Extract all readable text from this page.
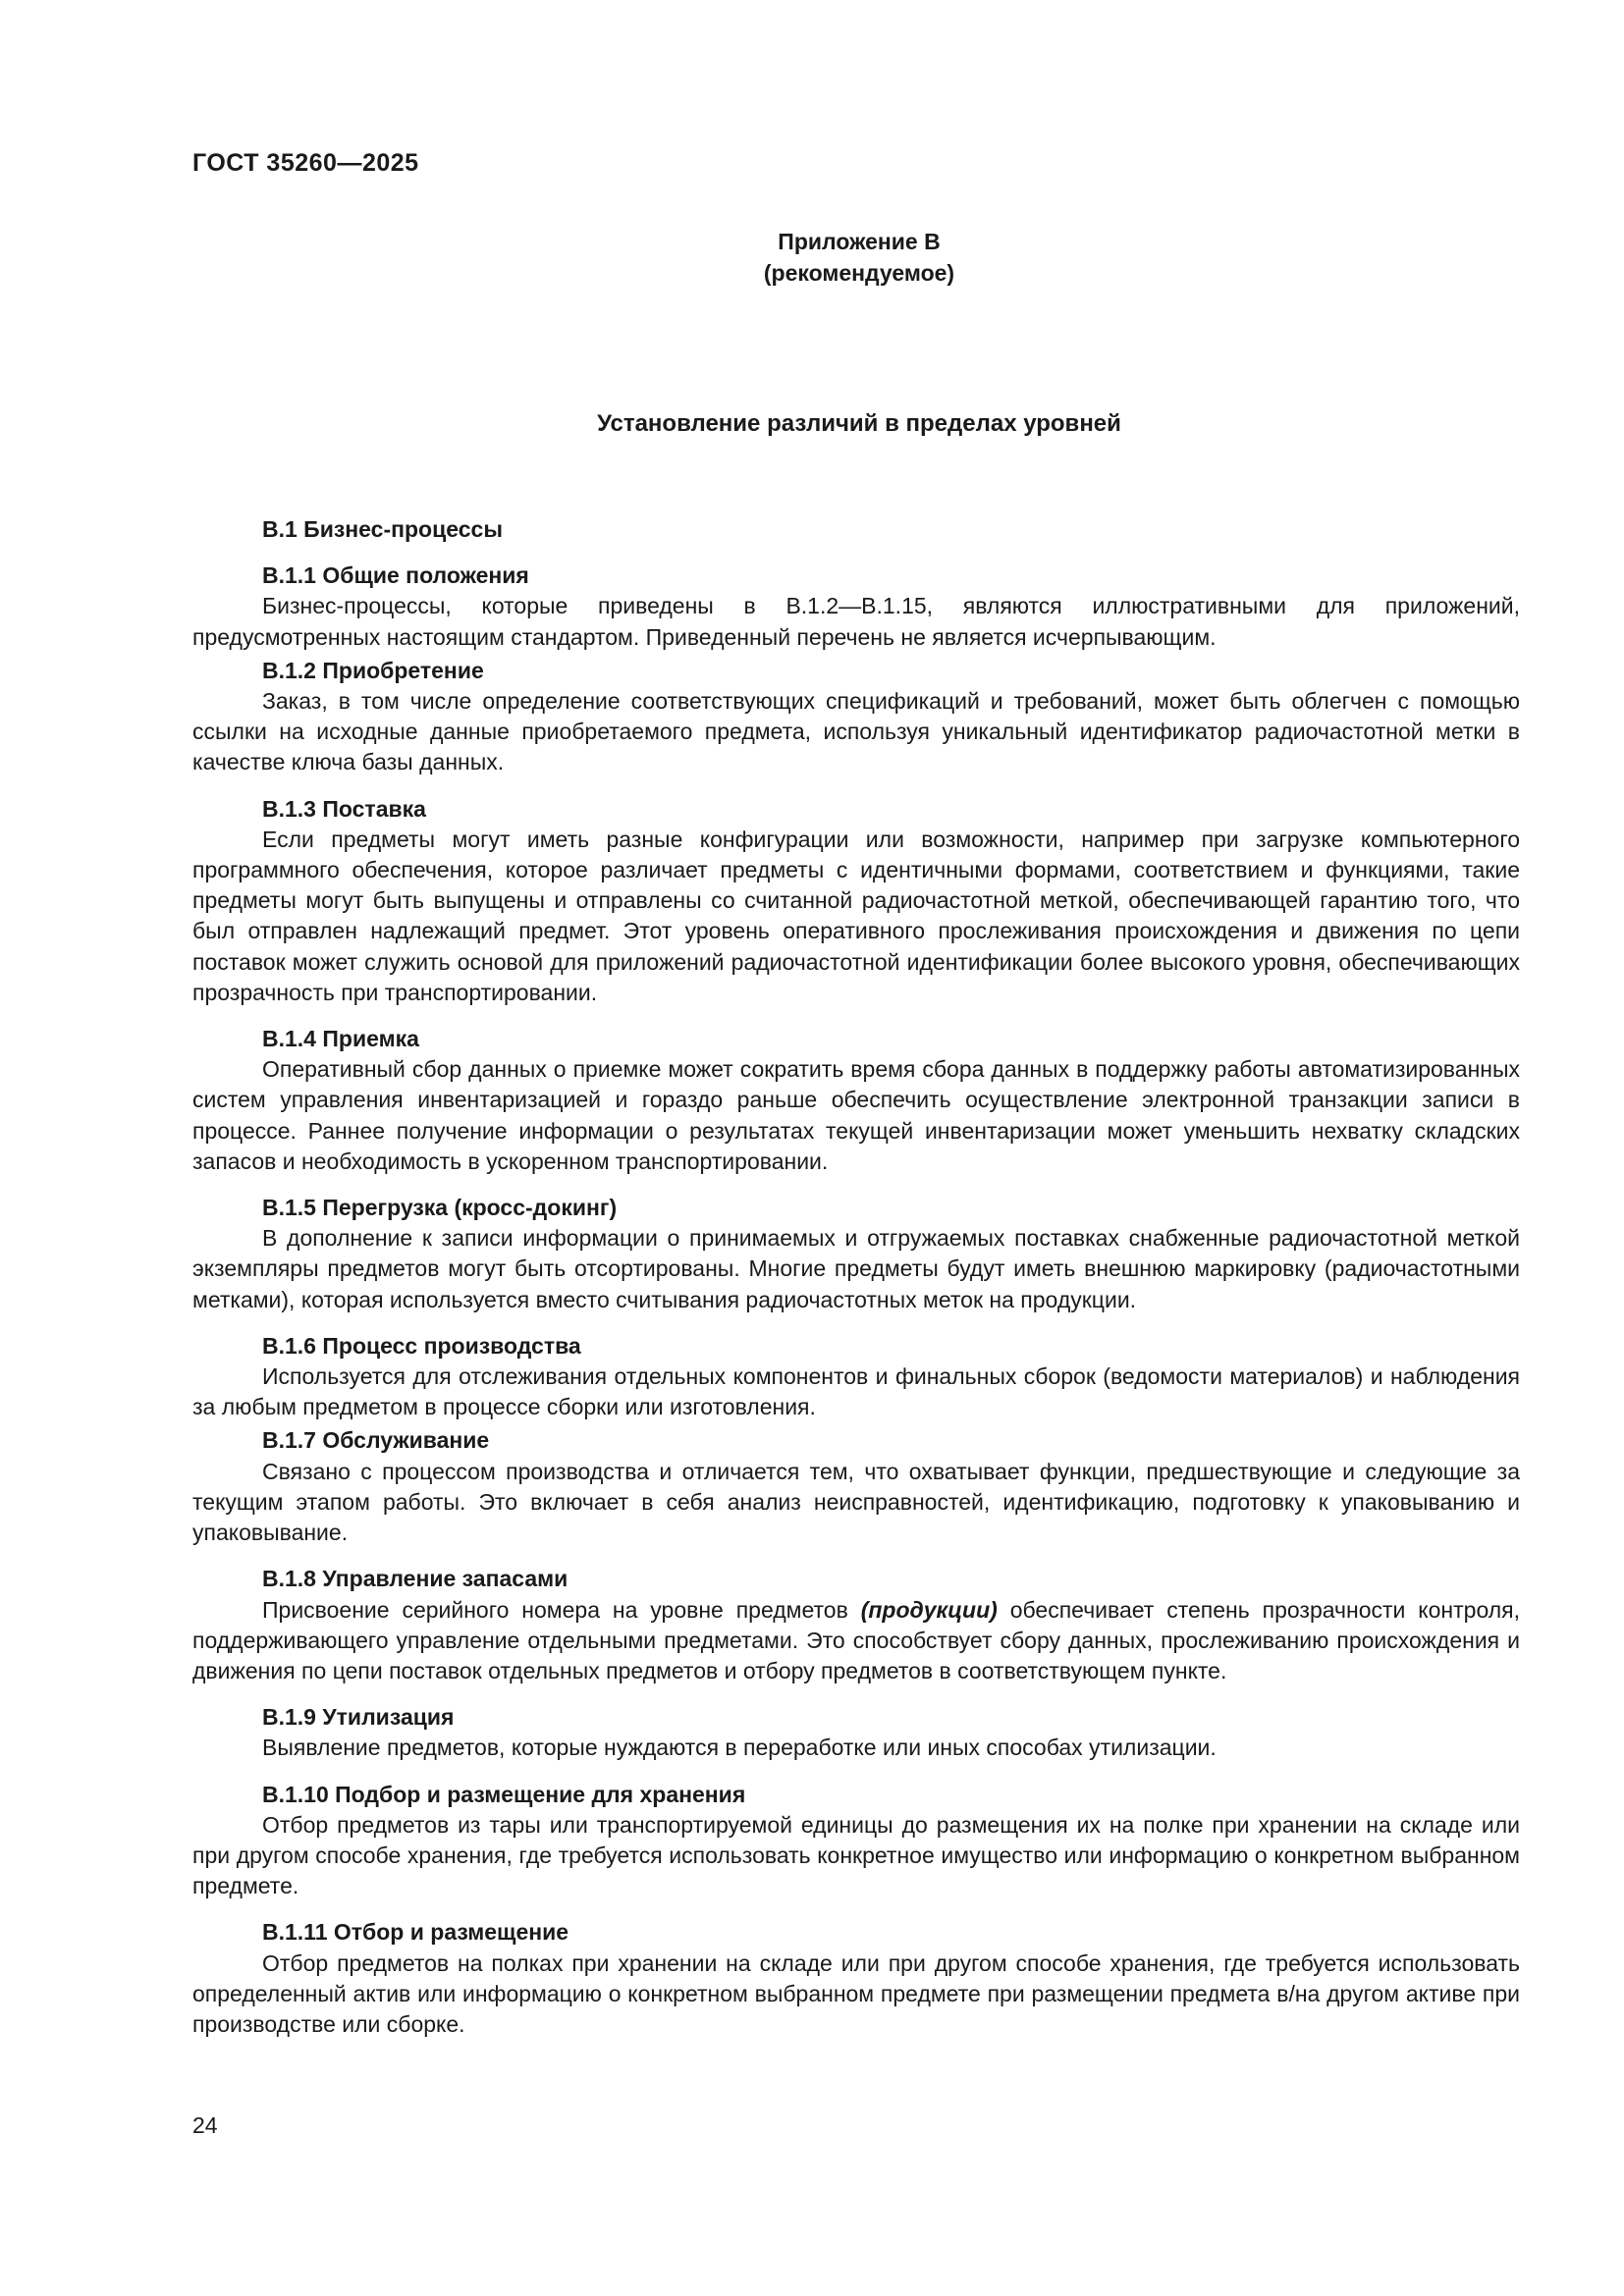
ГОСТ 35260—2025
Приложение В
(рекомендуемое)
Установление различий в пределах уровней
В.1 Бизнес-процессы
В.1.1 Общие положения
Бизнес-процессы, которые приведены в В.1.2—В.1.15, являются иллюстративными для приложений, предусмотренных настоящим стандартом. Приведенный перечень не является исчерпывающим.
В.1.2 Приобретение
Заказ, в том числе определение соответствующих спецификаций и требований, может быть облегчен с помощью ссылки на исходные данные приобретаемого предмета, используя уникальный идентификатор радиочастотной метки в качестве ключа базы данных.
В.1.3 Поставка
Если предметы могут иметь разные конфигурации или возможности, например при загрузке компьютерного программного обеспечения, которое различает предметы с идентичными формами, соответствием и функциями, такие предметы могут быть выпущены и отправлены со считанной радиочастотной меткой, обеспечивающей гарантию того, что был отправлен надлежащий предмет. Этот уровень оперативного прослеживания происхождения и движения по цепи поставок может служить основой для приложений радиочастотной идентификации более высокого уровня, обеспечивающих прозрачность при транспортировании.
В.1.4 Приемка
Оперативный сбор данных о приемке может сократить время сбора данных в поддержку работы автоматизированных систем управления инвентаризацией и гораздо раньше обеспечить осуществление электронной транзакции записи в процессе. Раннее получение информации о результатах текущей инвентаризации может уменьшить нехватку складских запасов и необходимость в ускоренном транспортировании.
В.1.5 Перегрузка (кросс-докинг)
В дополнение к записи информации о принимаемых и отгружаемых поставках снабженные радиочастотной меткой экземпляры предметов могут быть отсортированы. Многие предметы будут иметь внешнюю маркировку (радиочастотными метками), которая используется вместо считывания радиочастотных меток на продукции.
В.1.6 Процесс производства
Используется для отслеживания отдельных компонентов и финальных сборок (ведомости материалов) и наблюдения за любым предметом в процессе сборки или изготовления.
В.1.7 Обслуживание
Связано с процессом производства и отличается тем, что охватывает функции, предшествующие и следующие за текущим этапом работы. Это включает в себя анализ неисправностей, идентификацию, подготовку к упаковыванию и упаковывание.
В.1.8 Управление запасами
Присвоение серийного номера на уровне предметов (продукции) обеспечивает степень прозрачности контроля, поддерживающего управление отдельными предметами. Это способствует сбору данных, прослеживанию происхождения и движения по цепи поставок отдельных предметов и отбору предметов в соответствующем пункте.
В.1.9 Утилизация
Выявление предметов, которые нуждаются в переработке или иных способах утилизации.
В.1.10 Подбор и размещение для хранения
Отбор предметов из тары или транспортируемой единицы до размещения их на полке при хранении на складе или при другом способе хранения, где требуется использовать конкретное имущество или информацию о конкретном выбранном предмете.
В.1.11 Отбор и размещение
Отбор предметов на полках при хранении на складе или при другом способе хранения, где требуется использовать определенный актив или информацию о конкретном выбранном предмете при размещении предмета в/на другом активе при производстве или сборке.
24
